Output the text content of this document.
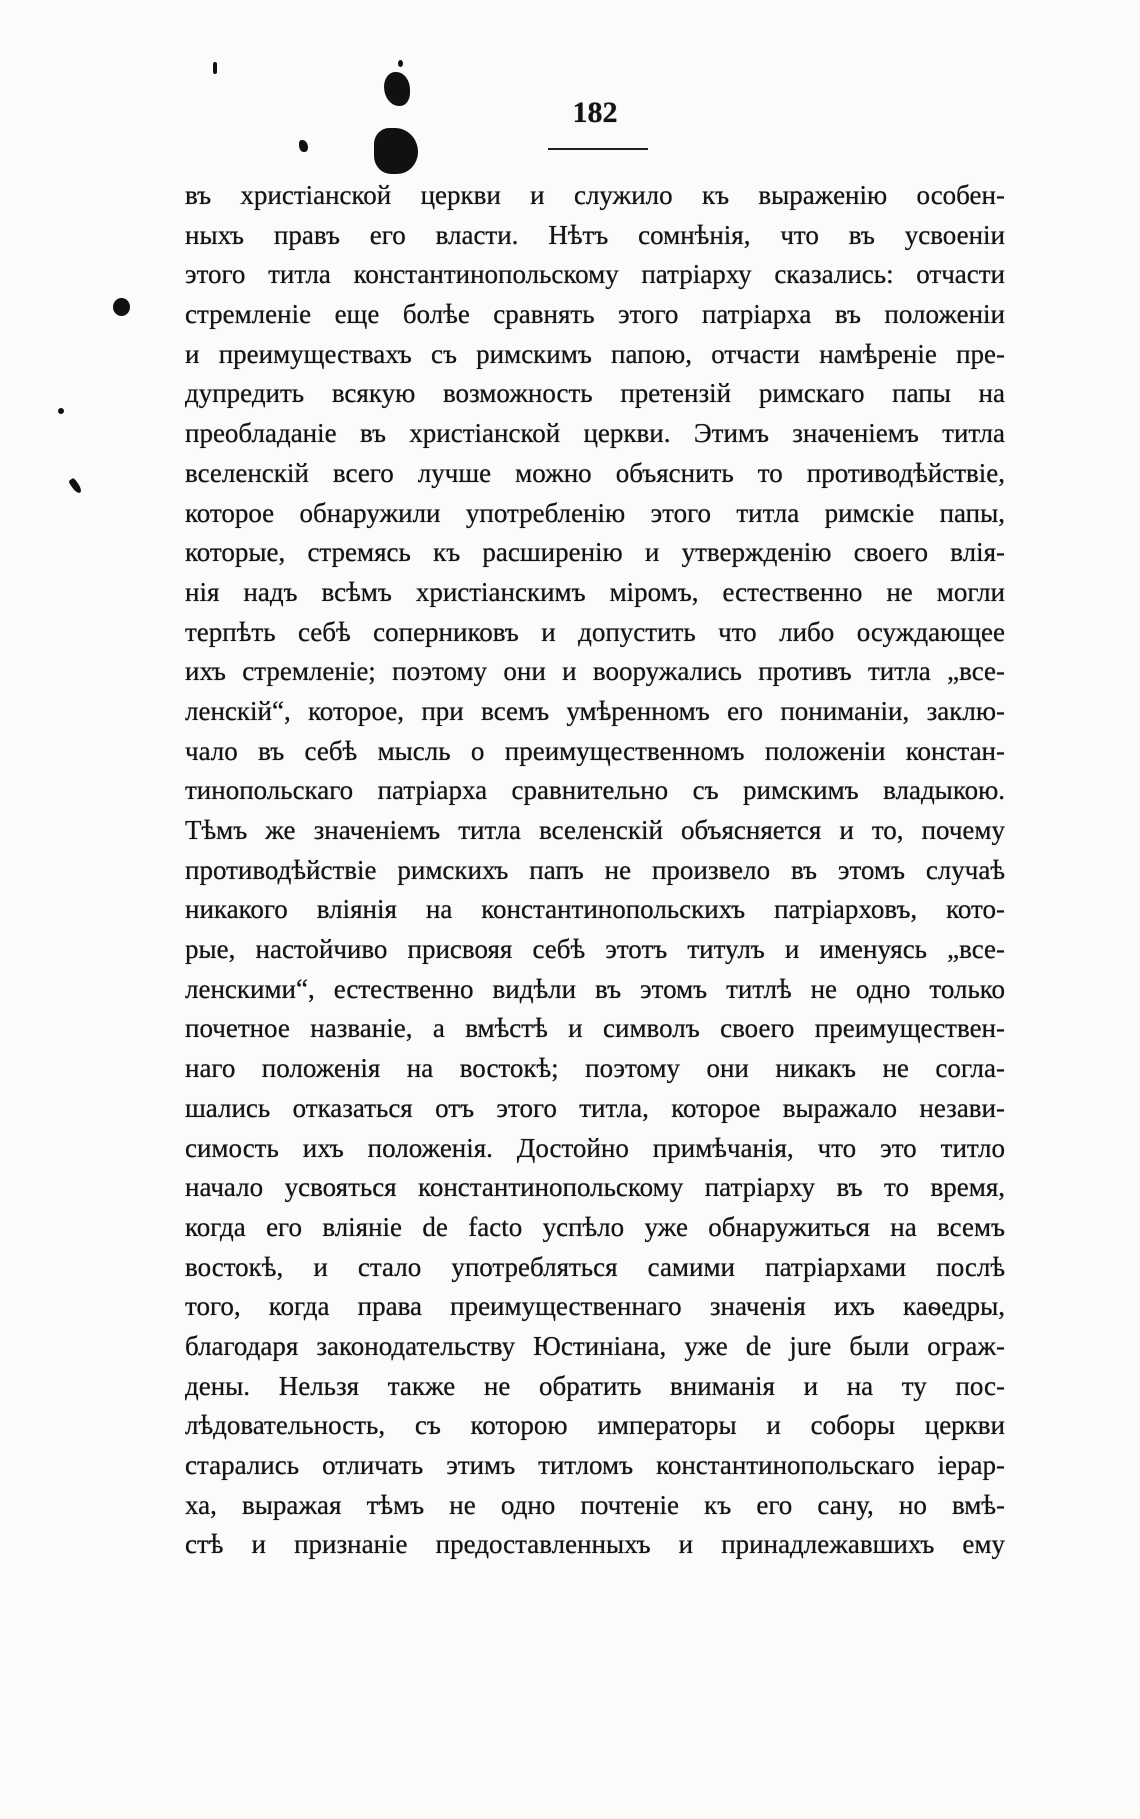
182
въ христіанской церкви и служило къ выраженію особен-
ныхъ правъ его власти. Нѣтъ сомнѣнія, что въ усвоеніи
этого титла константинопольскому патріарху сказались: отчасти
стремленіе еще болѣе сравнять этого патріарха въ положеніи
и преимуществахъ съ римскимъ папою, отчасти намѣреніе пре-
дупредить всякую возможность претензій римскаго папы на
преобладаніе въ христіанской церкви. Этимъ значеніемъ титла
вселенскій всего лучше можно объяснить то противодѣйствіе,
которое обнаружили употребленію этого титла римскіе папы,
которые, стремясь къ расширенію и утвержденію своего влія-
нія надъ всѣмъ христіанскимъ міромъ, естественно не могли
терпѣть себѣ соперниковъ и допустить что либо осуждающее
ихъ стремленіе; поэтому они и вооружались противъ титла „все-
ленскій“, которое, при всемъ умѣренномъ его пониманіи, заклю-
чало въ себѣ мысль о преимущественномъ положеніи констан-
тинопольскаго патріарха сравнительно съ римскимъ владыкою.
Тѣмъ же значеніемъ титла вселенскій объясняется и то, почему
противодѣйствіе римскихъ папъ не произвело въ этомъ случаѣ
никакого вліянія на константинопольскихъ патріарховъ, кото-
рые, настойчиво присвояя себѣ этотъ титулъ и именуясь „все-
ленскими“, естественно видѣли въ этомъ титлѣ не одно только
почетное названіе, а вмѣстѣ и символъ своего преимуществен-
наго положенія на востокѣ; поэтому они никакъ не согла-
шались отказаться отъ этого титла, которое выражало незави-
симость ихъ положенія. Достойно примѣчанія, что это титло
начало усвояться константинопольскому патріарху въ то время,
когда его вліяніе de facto успѣло уже обнаружиться на всемъ
востокѣ, и стало употребляться самими патріархами послѣ
того, когда права преимущественнаго значенія ихъ каѳедры,
благодаря законодательству Юстиніана, уже de jure были ограж-
дены. Нельзя также не обратить вниманія и на ту пос-
лѣдовательность, съ которою императоры и соборы церкви
старались отличать этимъ титломъ константинопольскаго іерар-
ха, выражая тѣмъ не одно почтеніе къ его сану, но вмѣ-
стѣ и признаніе предоставленныхъ и принадлежавшихъ ему
